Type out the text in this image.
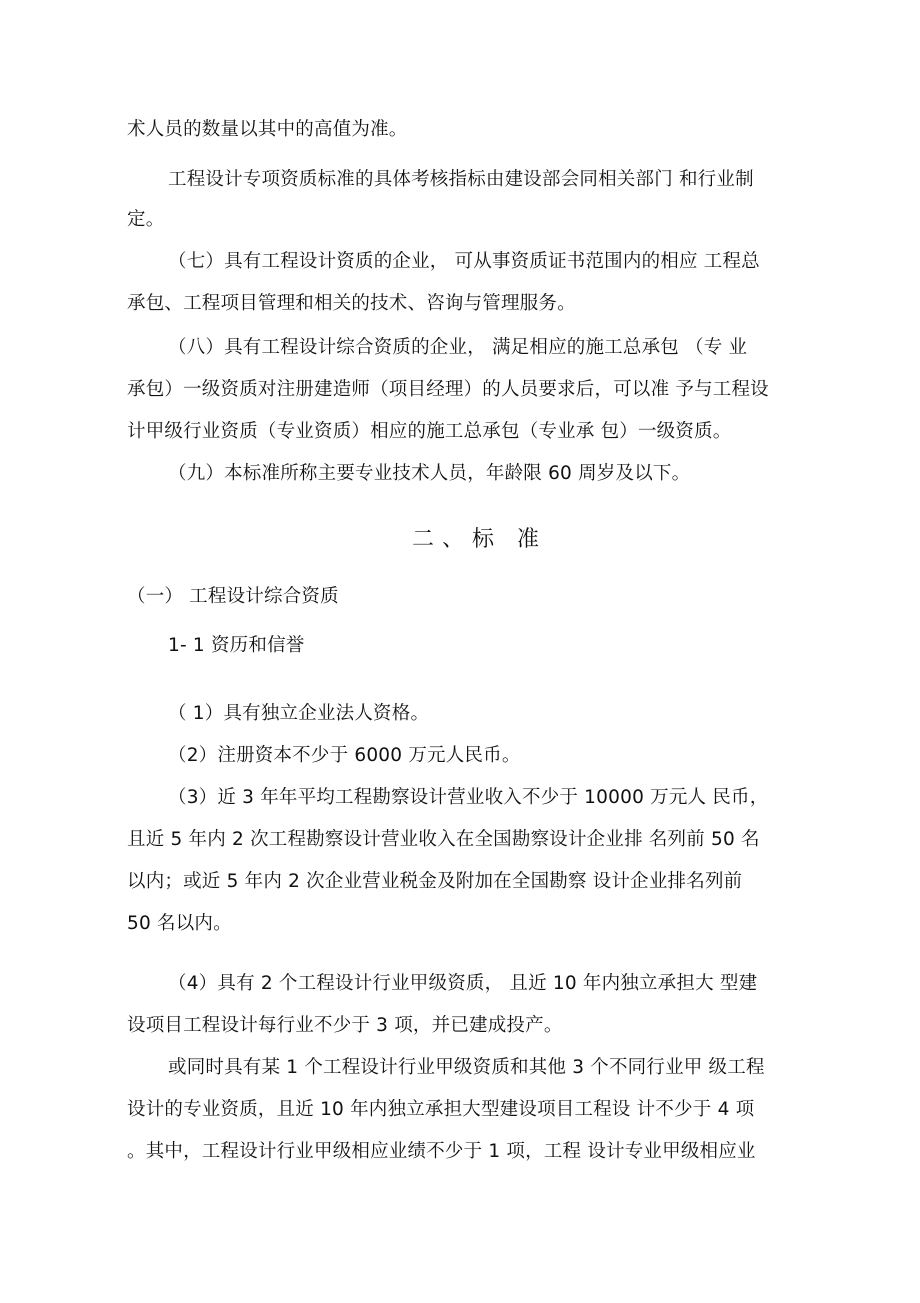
术人员的数量以其中的高值为准。
工程设计专项资质标准的具体考核指标由建设部会同相关部门 和行业制
定。
（七）具有工程设计资质的企业， 可从事资质证书范围内的相应 工程总
承包、工程项目管理和相关的技术、咨询与管理服务。
（八）具有工程设计综合资质的企业， 满足相应的施工总承包 （专 业
承包）一级资质对注册建造师（项目经理）的人员要求后，可以准 予与工程设
计甲级行业资质（专业资质）相应的施工总承包（专业承 包）一级资质。
（九）本标准所称主要专业技术人员，年龄限 60 周岁及以下。
二、标 准
（一） 工程设计综合资质
1- 1 资历和信誉
（ 1）具有独立企业法人资格。
（2）注册资本不少于 6000 万元人民币。
（3）近 3 年年平均工程勘察设计营业收入不少于 10000 万元人 民币，
且近 5 年内 2 次工程勘察设计营业收入在全国勘察设计企业排 名列前 50 名
以内；或近 5 年内 2 次企业营业税金及附加在全国勘察 设计企业排名列前
50 名以内。
（4）具有 2 个工程设计行业甲级资质， 且近 10 年内独立承担大 型建
设项目工程设计每行业不少于 3 项，并已建成投产。
或同时具有某 1 个工程设计行业甲级资质和其他 3 个不同行业甲 级工程
设计的专业资质，且近 10 年内独立承担大型建设项目工程设 计不少于 4 项
。其中，工程设计行业甲级相应业绩不少于 1 项，工程 设计专业甲级相应业
